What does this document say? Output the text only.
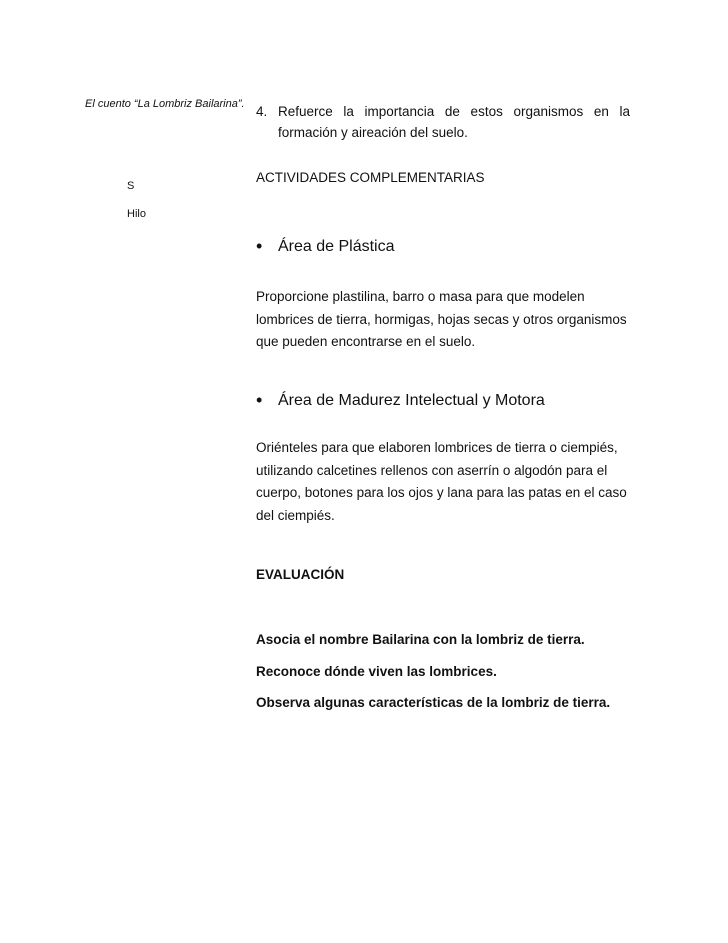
El cuento “La Lombriz Bailarina”.
S
Hilo
4. Refuerce la importancia de estos organismos en la
formación y aireación del suelo.
ACTIVIDADES COMPLEMENTARIAS
• Área de Plástica
Proporcione plastilina, barro o masa para que modelen
lombrices de tierra, hormigas, hojas secas y otros organismos
que pueden encontrarse en el suelo.
• Área de Madurez Intelectual y Motora
Oriénteles para que elaboren lombrices de tierra o ciempiés,
utilizando calcetines rellenos con aserrín o algodón para el
cuerpo, botones para los ojos y lana para las patas en el caso
del ciempiés.
EVALUACIÓN
Asocia el nombre Bailarina con la lombriz de tierra.
Reconoce dónde viven las lombrices.
Observa algunas características de la lombriz de tierra.
